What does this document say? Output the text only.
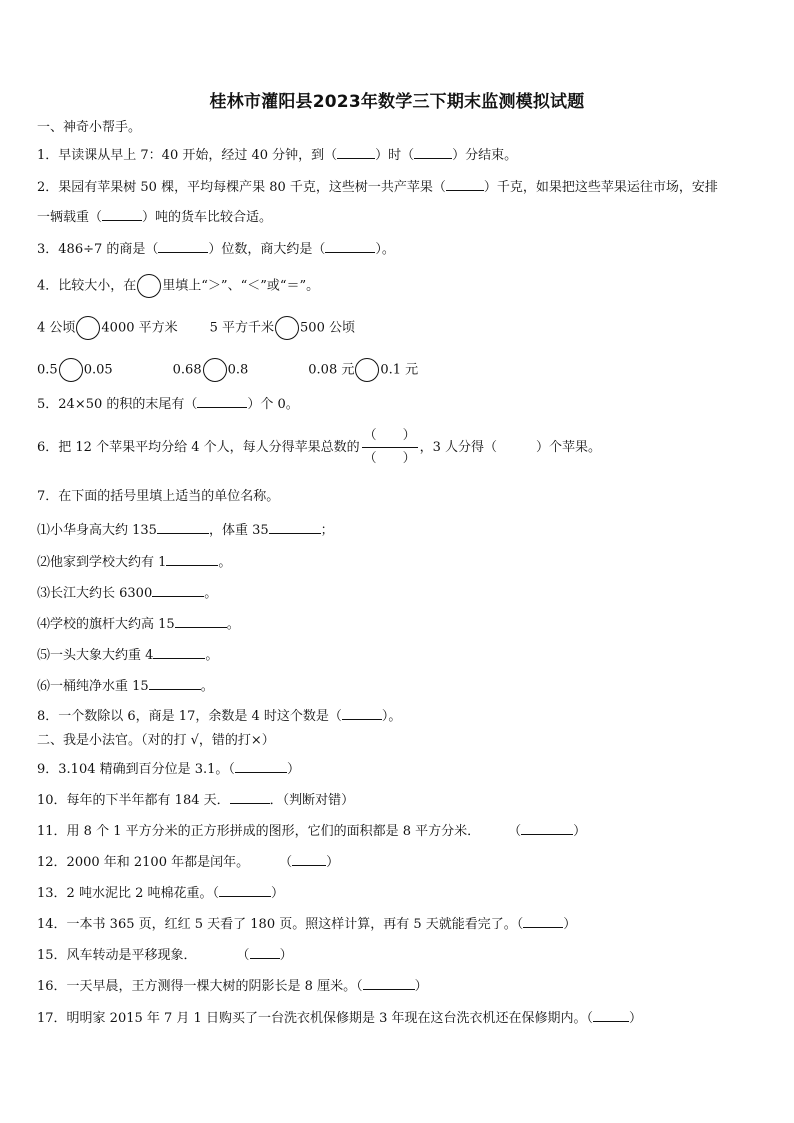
桂林市灌阳县2023年数学三下期末监测模拟试题
一、神奇小帮手。
1．早读课从早上 7：40 开始，经过 40 分钟，到（	）时（	）分结束。
2．果园有苹果树 50 棵，平均每棵产果 80 千克，这些树一共产苹果（	）千克，如果把这些苹果运往市场，安排
一辆载重（	）吨的货车比较合适。
3．486÷7 的商是（	）位数，商大约是（	）。
4．比较大小，在 里填上“＞”、“＜”或“＝”。
4 公顷 4000 平方米 5 平方千米 500 公顷
0.5 0.05	0.68 0.8	0.08 元 0.1 元
5．24×50 的积的末尾有（	）个 0。
6．把 12 个苹果平均分给 4 个人，每人分得苹果总数的 $\frac{( )}{( )}$ ，3 人分得（　　　）个苹果。
7．在下面的括号里填上适当的单位名称。
⑴小华身高大约 135	，体重 35	；
⑵他家到学校大约有 1	。
⑶长江大约长 6300	。
⑷学校的旗杆大约高 15	。
⑸一头大象大约重 4	。
⑹一桶纯净水重 15	。
8．一个数除以 6，商是 17，余数是 4 时这个数是（	）。
二、我是小法官。（对的打 √，错的打×）
9．3.104 精确到百分位是 3.1。（	）
10．每年的下半年都有 184 天．	．（判断对错）
11．用 8 个 1 平方分米的正方形拼成的图形，它们的面积都是 8 平方分米． （	）
12．2000 年和 2100 年都是闰年。 （	）
13．2 吨水泥比 2 吨棉花重。（	）
14．一本书 365 页，红红 5 天看了 180 页。照这样计算，再有 5 天就能看完了。（	）
15．风车转动是平移现象．	（ ）
16．一天早晨，王方测得一棵大树的阴影长是 8 厘米。（	）
17．明明家 2015 年 7 月 1 日购买了一台洗衣机保修期是 3 年现在这台洗衣机还在保修期内。（	）
